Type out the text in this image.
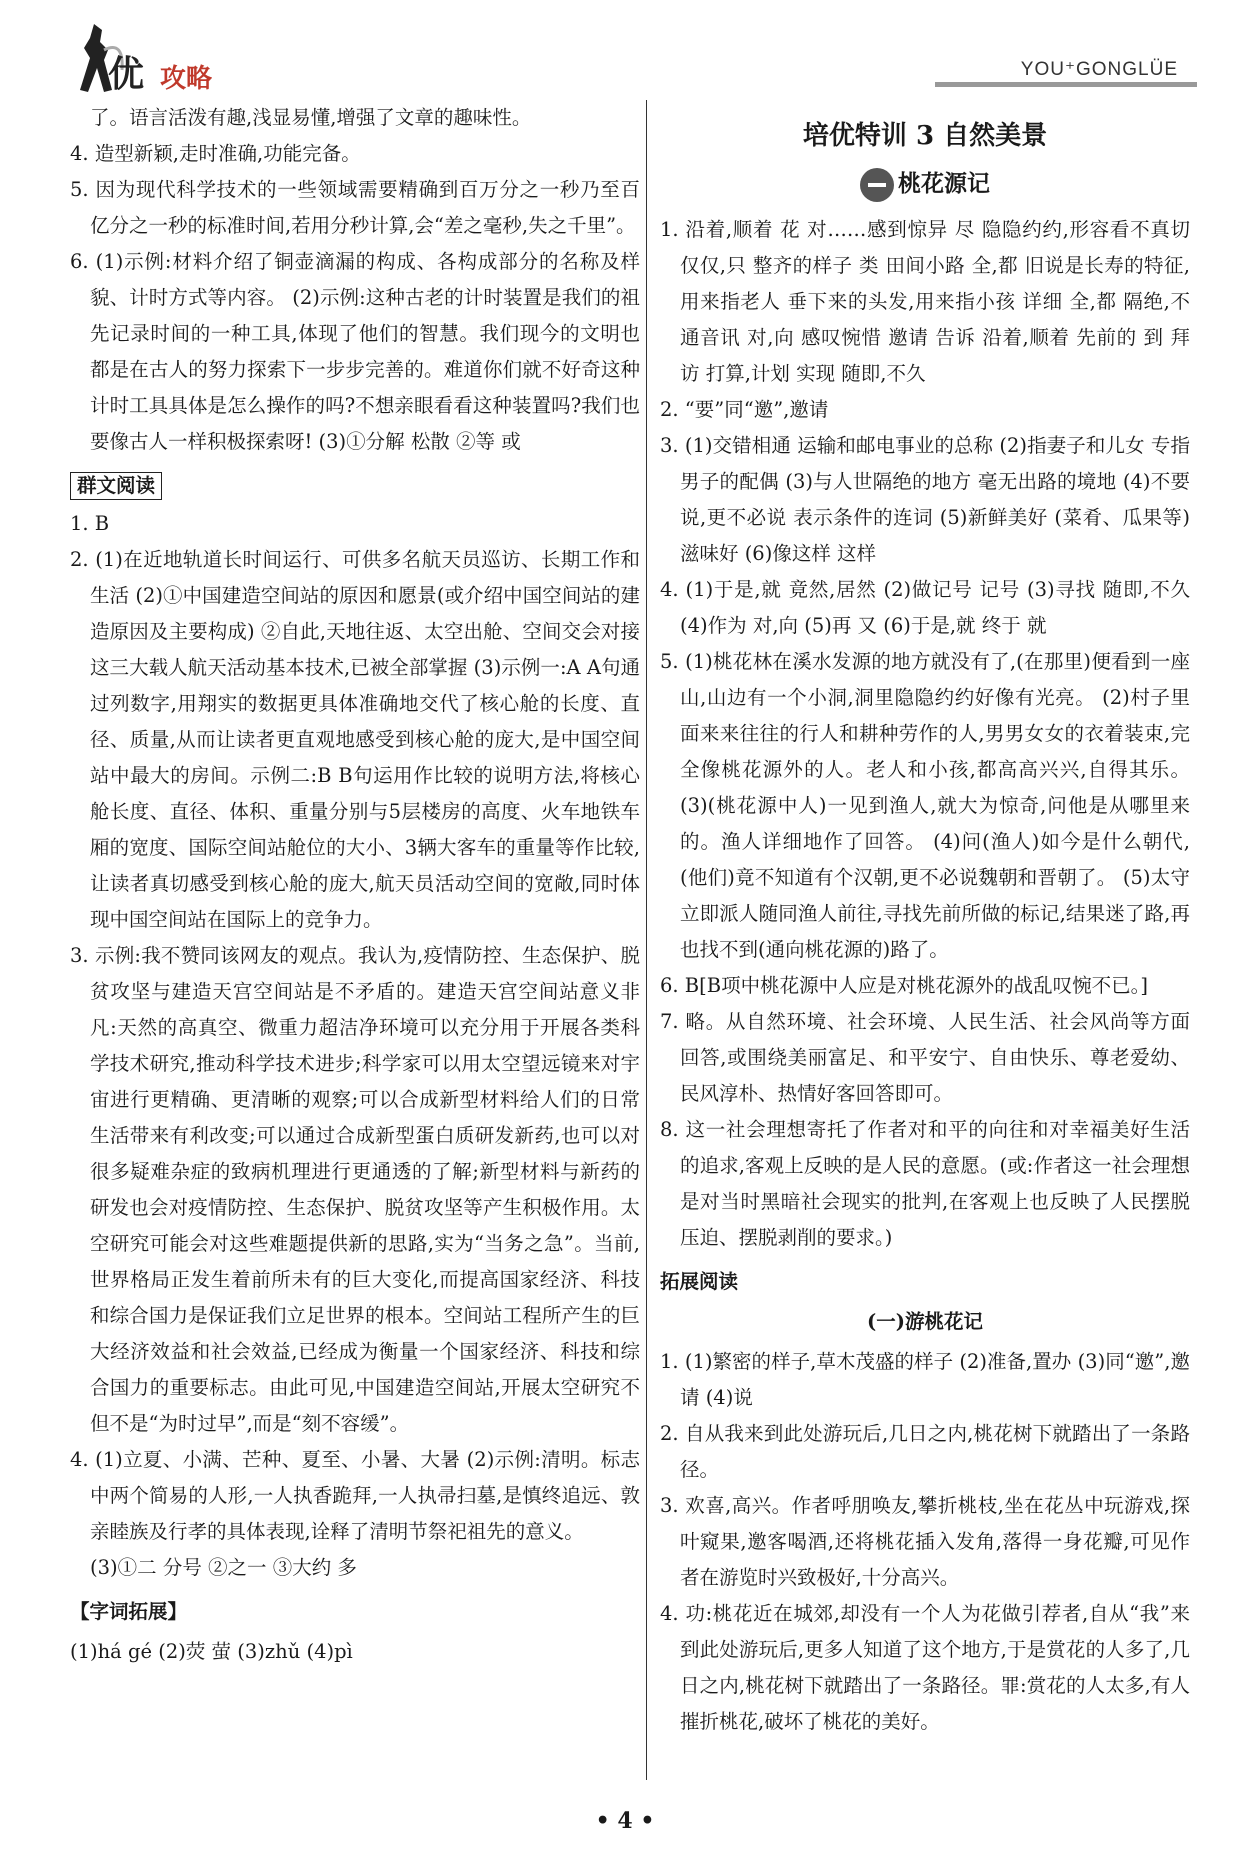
优 攻略	YOU⁺GONGLÜE
了。语言活泼有趣,浅显易懂,增强了文章的趣味性。
4. 造型新颖,走时准确,功能完备。
5. 因为现代科学技术的一些领域需要精确到百万分之一秒乃至百亿分之一秒的标准时间,若用分秒计算,会“差之毫秒,失之千里”。
6. (1)示例:材料介绍了铜壶滴漏的构成、各构成部分的名称及样貌、计时方式等内容。 (2)示例:这种古老的计时装置是我们的祖先记录时间的一种工具,体现了他们的智慧。我们现今的文明也都是在古人的努力探索下一步步完善的。难道你们就不好奇这种计时工具具体是怎么操作的吗?不想亲眼看看这种装置吗?我们也要像古人一样积极探索呀! (3)①分解 松散 ②等 或
群文阅读
1. B
2. (1)在近地轨道长时间运行、可供多名航天员巡访、长期工作和生活 (2)①中国建造空间站的原因和愿景(或介绍中国空间站的建造原因及主要构成) ②自此,天地往返、太空出舱、空间交会对接这三大载人航天活动基本技术,已被全部掌握 (3)示例一:A A句通过列数字,用翔实的数据更具体准确地交代了核心舱的长度、直径、质量,从而让读者更直观地感受到核心舱的庞大,是中国空间站中最大的房间。示例二:B B句运用作比较的说明方法,将核心舱长度、直径、体积、重量分别与5层楼房的高度、火车地铁车厢的宽度、国际空间站舱位的大小、3辆大客车的重量等作比较,让读者真切感受到核心舱的庞大,航天员活动空间的宽敞,同时体现中国空间站在国际上的竞争力。
3. 示例:我不赞同该网友的观点。我认为,疫情防控、生态保护、脱贫攻坚与建造天宫空间站是不矛盾的。建造天宫空间站意义非凡:天然的高真空、微重力超洁净环境可以充分用于开展各类科学技术研究,推动科学技术进步;科学家可以用太空望远镜来对宇宙进行更精确、更清晰的观察;可以合成新型材料给人们的日常生活带来有利改变;可以通过合成新型蛋白质研发新药,也可以对很多疑难杂症的致病机理进行更通透的了解;新型材料与新药的研发也会对疫情防控、生态保护、脱贫攻坚等产生积极作用。太空研究可能会对这些难题提供新的思路,实为“当务之急”。当前,世界格局正发生着前所未有的巨大变化,而提高国家经济、科技和综合国力是保证我们立足世界的根本。空间站工程所产生的巨大经济效益和社会效益,已经成为衡量一个国家经济、科技和综合国力的重要标志。由此可见,中国建造空间站,开展太空研究不但不是“为时过早”,而是“刻不容缓”。
4. (1)立夏、小满、芒种、夏至、小暑、大暑 (2)示例:清明。标志中两个简易的人形,一人执香跪拜,一人执帚扫墓,是慎终追远、敦亲睦族及行孝的具体表现,诠释了清明节祭祀祖先的意义。
(3)①二 分号 ②之一 ③大约 多
【字词拓展】
(1)há gé (2)荧 萤 (3)zhǔ (4)pì
培优特训 3 自然美景
桃花源记
1. 沿着,顺着 花 对……感到惊异 尽 隐隐约约,形容看不真切 仅仅,只 整齐的样子 类 田间小路 全,都 旧说是长寿的特征,用来指老人 垂下来的头发,用来指小孩 详细 全,都 隔绝,不通音讯 对,向 感叹惋惜 邀请 告诉 沿着,顺着 先前的 到 拜访 打算,计划 实现 随即,不久
2. “要”同“邀”,邀请
3. (1)交错相通 运输和邮电事业的总称 (2)指妻子和儿女 专指男子的配偶 (3)与人世隔绝的地方 毫无出路的境地 (4)不要说,更不必说 表示条件的连词 (5)新鲜美好 (菜肴、瓜果等)滋味好 (6)像这样 这样
4. (1)于是,就 竟然,居然 (2)做记号 记号 (3)寻找 随即,不久 (4)作为 对,向 (5)再 又 (6)于是,就 终于 就
5. (1)桃花林在溪水发源的地方就没有了,(在那里)便看到一座山,山边有一个小洞,洞里隐隐约约好像有光亮。 (2)村子里面来来往往的行人和耕种劳作的人,男男女女的衣着装束,完全像桃花源外的人。老人和小孩,都高高兴兴,自得其乐。 (3)(桃花源中人)一见到渔人,就大为惊奇,问他是从哪里来的。渔人详细地作了回答。 (4)问(渔人)如今是什么朝代,(他们)竟不知道有个汉朝,更不必说魏朝和晋朝了。 (5)太守立即派人随同渔人前往,寻找先前所做的标记,结果迷了路,再也找不到(通向桃花源的)路了。
6. B[B项中桃花源中人应是对桃花源外的战乱叹惋不已。]
7. 略。从自然环境、社会环境、人民生活、社会风尚等方面回答,或围绕美丽富足、和平安宁、自由快乐、尊老爱幼、民风淳朴、热情好客回答即可。
8. 这一社会理想寄托了作者对和平的向往和对幸福美好生活的追求,客观上反映的是人民的意愿。(或:作者这一社会理想是对当时黑暗社会现实的批判,在客观上也反映了人民摆脱压迫、摆脱剥削的要求。)
拓展阅读
(一)游桃花记
1. (1)繁密的样子,草木茂盛的样子 (2)准备,置办 (3)同“邀”,邀请 (4)说
2. 自从我来到此处游玩后,几日之内,桃花树下就踏出了一条路径。
3. 欢喜,高兴。作者呼朋唤友,攀折桃枝,坐在花丛中玩游戏,探叶窥果,邀客喝酒,还将桃花插入发角,落得一身花瓣,可见作者在游览时兴致极好,十分高兴。
4. 功:桃花近在城郊,却没有一个人为花做引荐者,自从“我”来到此处游玩后,更多人知道了这个地方,于是赏花的人多了,几日之内,桃花树下就踏出了一条路径。罪:赏花的人太多,有人摧折桃花,破坏了桃花的美好。
• 4 •
